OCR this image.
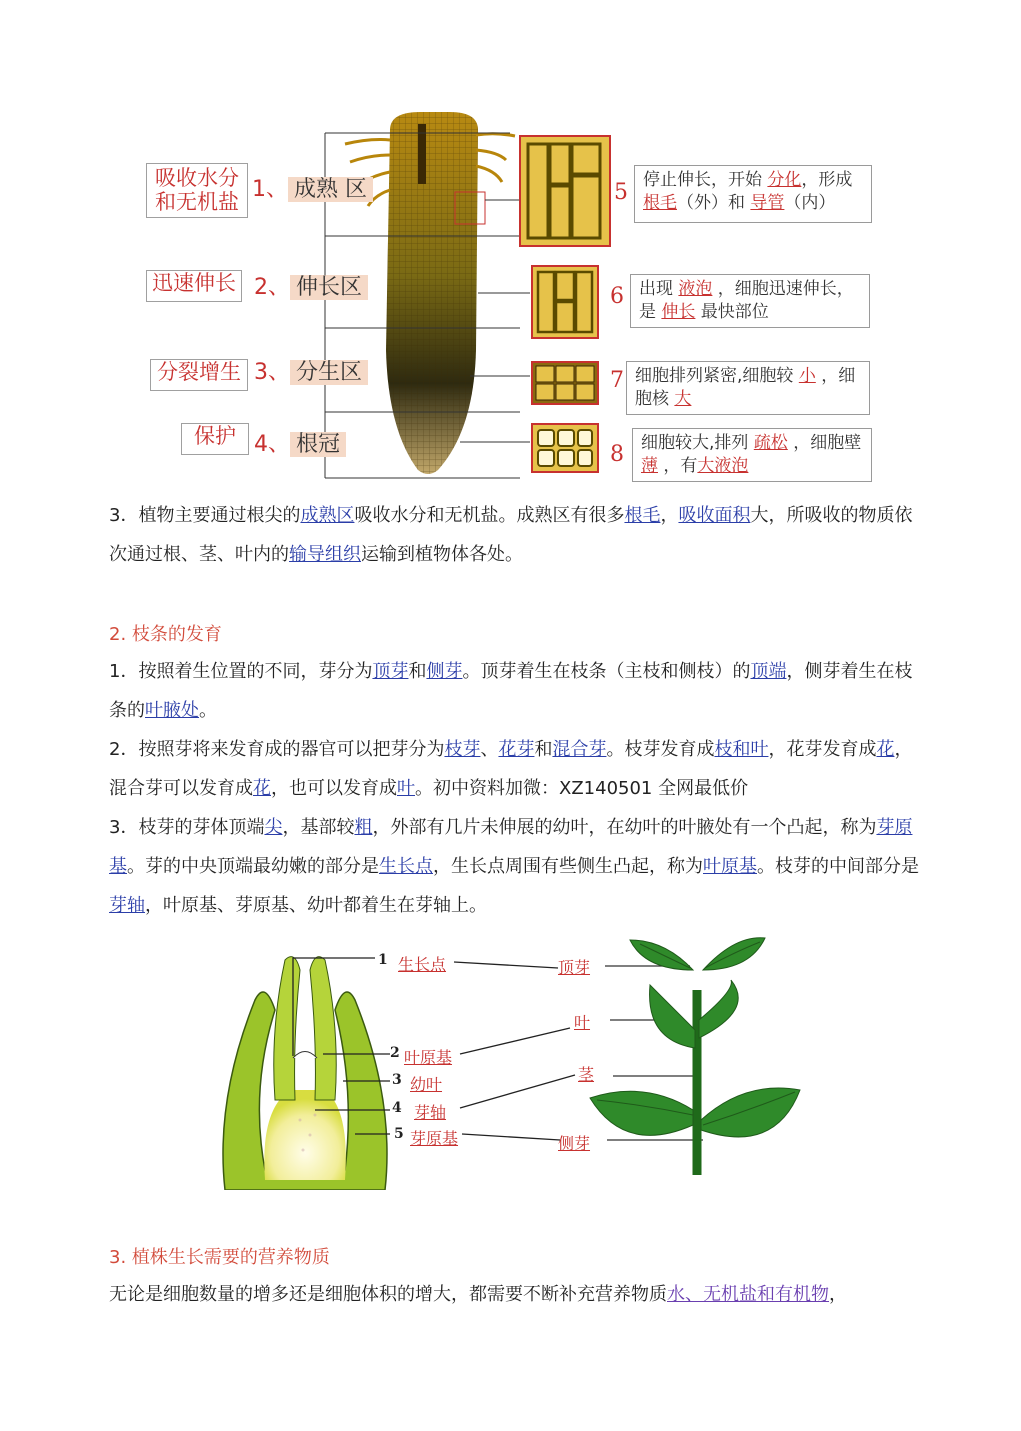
吸收水分和无机盐
迅速伸长
分裂增生
保护
1、 成熟 区
2、 伸长区
3、 分生区
4、 根冠
5
6
7
8
停止伸长，开始 分化，形成根毛（外）和 导管（内）
出现 液泡 ，细胞迅速伸长，是 伸长 最快部位
细胞排列紧密,细胞较 小 ，细胞核 大
细胞较大,排列 疏松 ，细胞壁 薄 ，有大液泡
3．植物主要通过根尖的成熟区吸收水分和无机盐。成熟区有很多根毛，吸收面积大，所吸收的物质依次通过根、茎、叶内的输导组织运输到植物体各处。
2. 枝条的发育
1．按照着生位置的不同，芽分为顶芽和侧芽。顶芽着生在枝条（主枝和侧枝）的顶端，侧芽着生在枝条的叶腋处。
2．按照芽将来发育成的器官可以把芽分为枝芽、花芽和混合芽。枝芽发育成枝和叶，花芽发育成花，混合芽可以发育成花，也可以发育成叶。初中资料加微：XZ140501 全网最低价
3．枝芽的芽体顶端尖，基部较粗，外部有几片未伸展的幼叶，在幼叶的叶腋处有一个凸起，称为芽原基。芽的中央顶端最幼嫩的部分是生长点，生长点周围有些侧生凸起，称为叶原基。枝芽的中间部分是芽轴，叶原基、芽原基、幼叶都着生在芽轴上。
1 生长点
2 叶原基
3 幼叶
4 芽轴
5 芽原基
顶芽
叶
茎
侧芽
3. 植株生长需要的营养物质
无论是细胞数量的增多还是细胞体积的增大，都需要不断补充营养物质水、无机盐和有机物，
